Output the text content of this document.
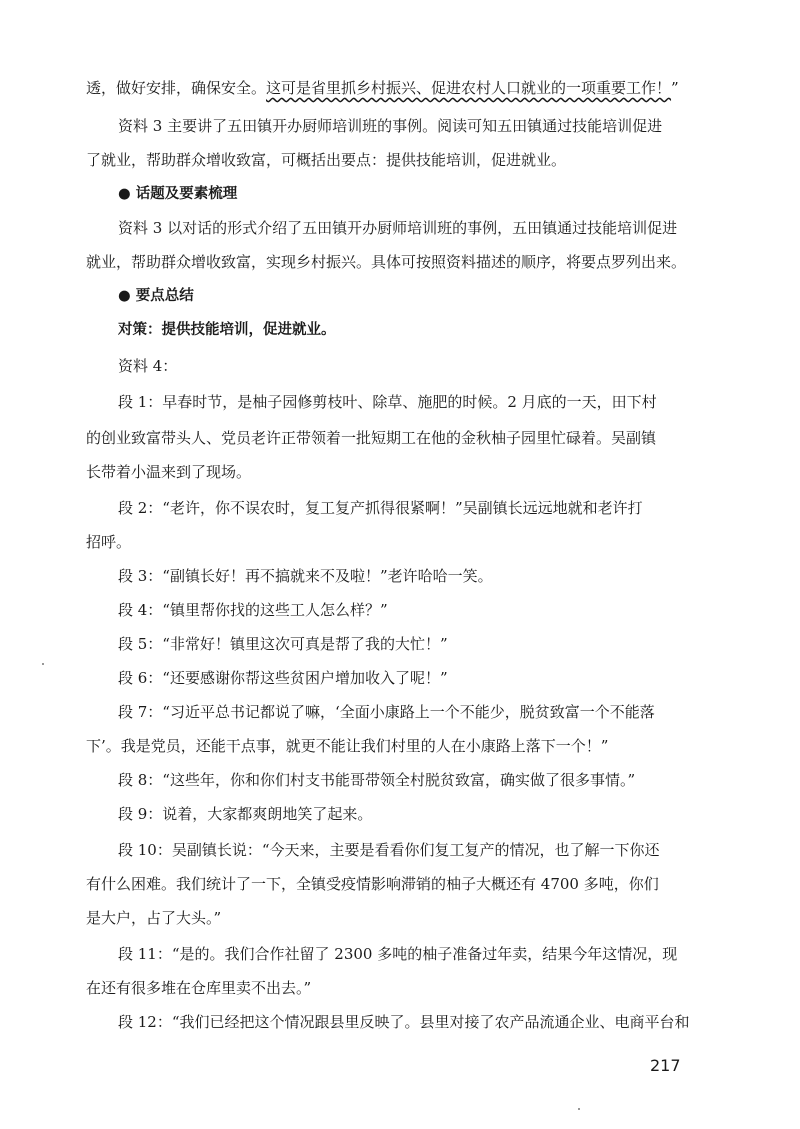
透，做好安排，确保安全。这可是省里抓乡村振兴、促进农村人口就业的一项重要工作！”
资料 3 主要讲了五田镇开办厨师培训班的事例。阅读可知五田镇通过技能培训促进
了就业，帮助群众增收致富，可概括出要点：提供技能培训，促进就业。
● 话题及要素梳理
资料 3 以对话的形式介绍了五田镇开办厨师培训班的事例，五田镇通过技能培训促进
就业，帮助群众增收致富，实现乡村振兴。具体可按照资料描述的顺序，将要点罗列出来。
● 要点总结
对策：提供技能培训，促进就业。
资料 4：
段 1：早春时节，是柚子园修剪枝叶、除草、施肥的时候。2 月底的一天，田下村
的创业致富带头人、党员老许正带领着一批短期工在他的金秋柚子园里忙碌着。吴副镇
长带着小温来到了现场。
段 2：“老许，你不误农时，复工复产抓得很紧啊！”吴副镇长远远地就和老许打
招呼。
段 3：“副镇长好！再不搞就来不及啦！”老许哈哈一笑。
段 4：“镇里帮你找的这些工人怎么样？”
段 5：“非常好！镇里这次可真是帮了我的大忙！”
段 6：“还要感谢你帮这些贫困户增加收入了呢！”
段 7：“习近平总书记都说了嘛，‘全面小康路上一个不能少，脱贫致富一个不能落
下’。我是党员，还能干点事，就更不能让我们村里的人在小康路上落下一个！”
段 8：“这些年，你和你们村支书能哥带领全村脱贫致富，确实做了很多事情。”
段 9：说着，大家都爽朗地笑了起来。
段 10：吴副镇长说：“今天来，主要是看看你们复工复产的情况，也了解一下你还
有什么困难。我们统计了一下，全镇受疫情影响滞销的柚子大概还有 4700 多吨，你们
是大户，占了大头。”
段 11：“是的。我们合作社留了 2300 多吨的柚子准备过年卖，结果今年这情况，现
在还有很多堆在仓库里卖不出去。”
段 12：“我们已经把这个情况跟县里反映了。县里对接了农产品流通企业、电商平台和
217
